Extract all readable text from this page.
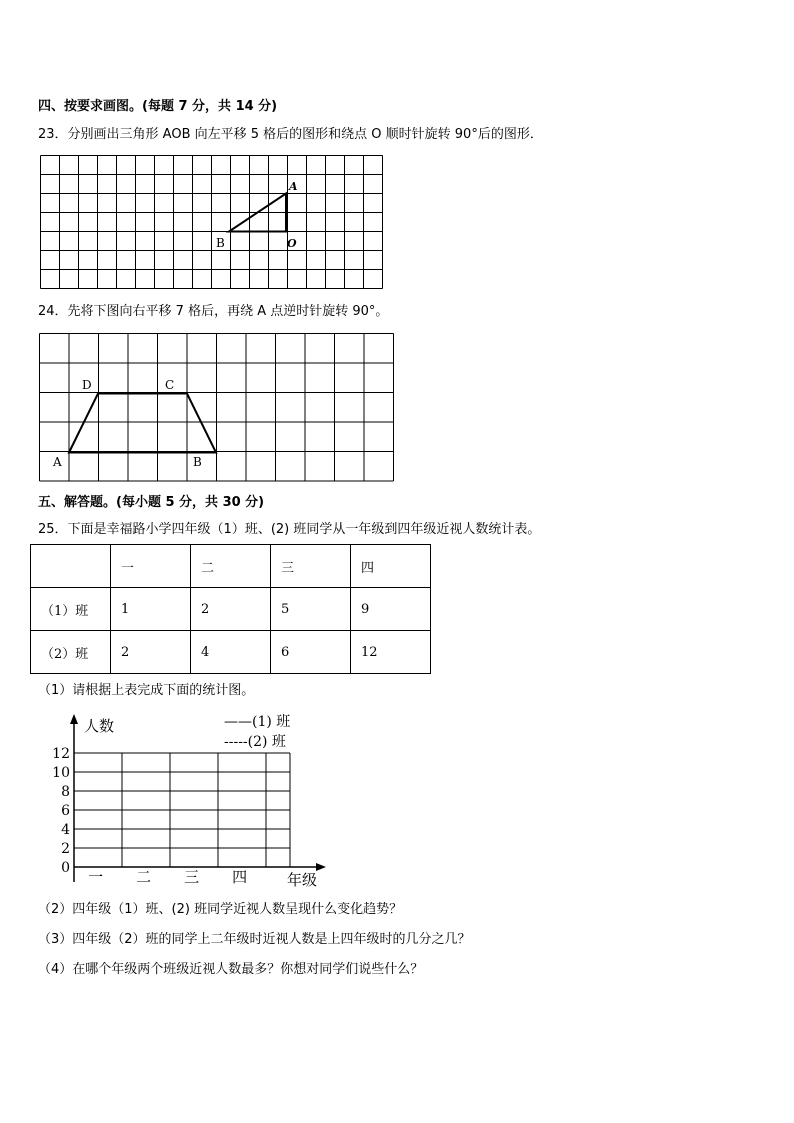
四、按要求画图。(每题 7 分，共 14 分)
23．分别画出三角形 AOB 向左平移 5 格后的图形和绕点 O 顺时针旋转 90°后的图形．
A
B	O
24．先将下图向右平移 7 格后，再绕 A 点逆时针旋转 90°。
A	B
C
D
五、解答题。(每小题 5 分，共 30 分)
25．下面是幸福路小学四年级（1）班、(2) 班同学从一年级到四年级近视人数统计表。
	一	二	三	四
（1）班	1	2	5	9
（2）班	2	4	6	12
（1）请根据上表完成下面的统计图。
人数
年级
——(1) 班
-----(2) 班
0
2
4
6
8
10
12
一 二 三 四
（2）四年级（1）班、(2) 班同学近视人数呈现什么变化趋势？
（3）四年级（2）班的同学上二年级时近视人数是上四年级时的几分之几？
（4）在哪个年级两个班级近视人数最多？你想对同学们说些什么？
